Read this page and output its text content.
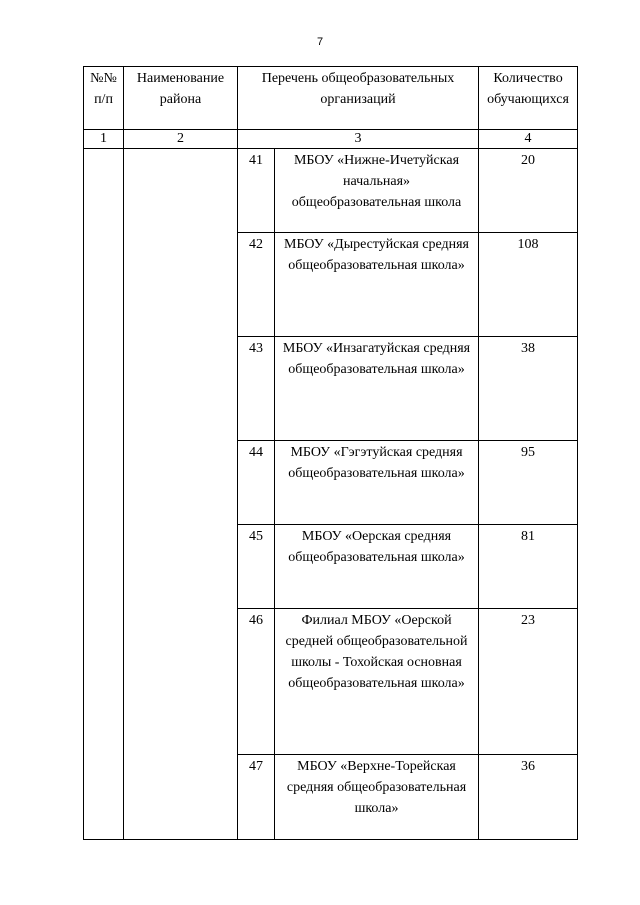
7
№№ п/п	Наименование района	Перечень общеобразовательных организаций		Количество обучающихся
1	2	3		4
		41	МБОУ «Нижне-Ичетуйская начальная» общеобразовательная школа	20
		42	МБОУ «Дырестуйская средняя общеобразовательная школа»	108
		43	МБОУ «Инзагатуйская средняя общеобразовательная школа»	38
		44	МБОУ «Гэгэтуйская средняя общеобразовательная школа»	95
		45	МБОУ «Оерская средняя общеобразовательная школа»	81
		46	Филиал МБОУ «Оерской средней общеобразовательной школы - Тохойская основная общеобразовательная школа»	23
		47	МБОУ «Верхне-Торейская средняя общеобразовательная школа»	36
